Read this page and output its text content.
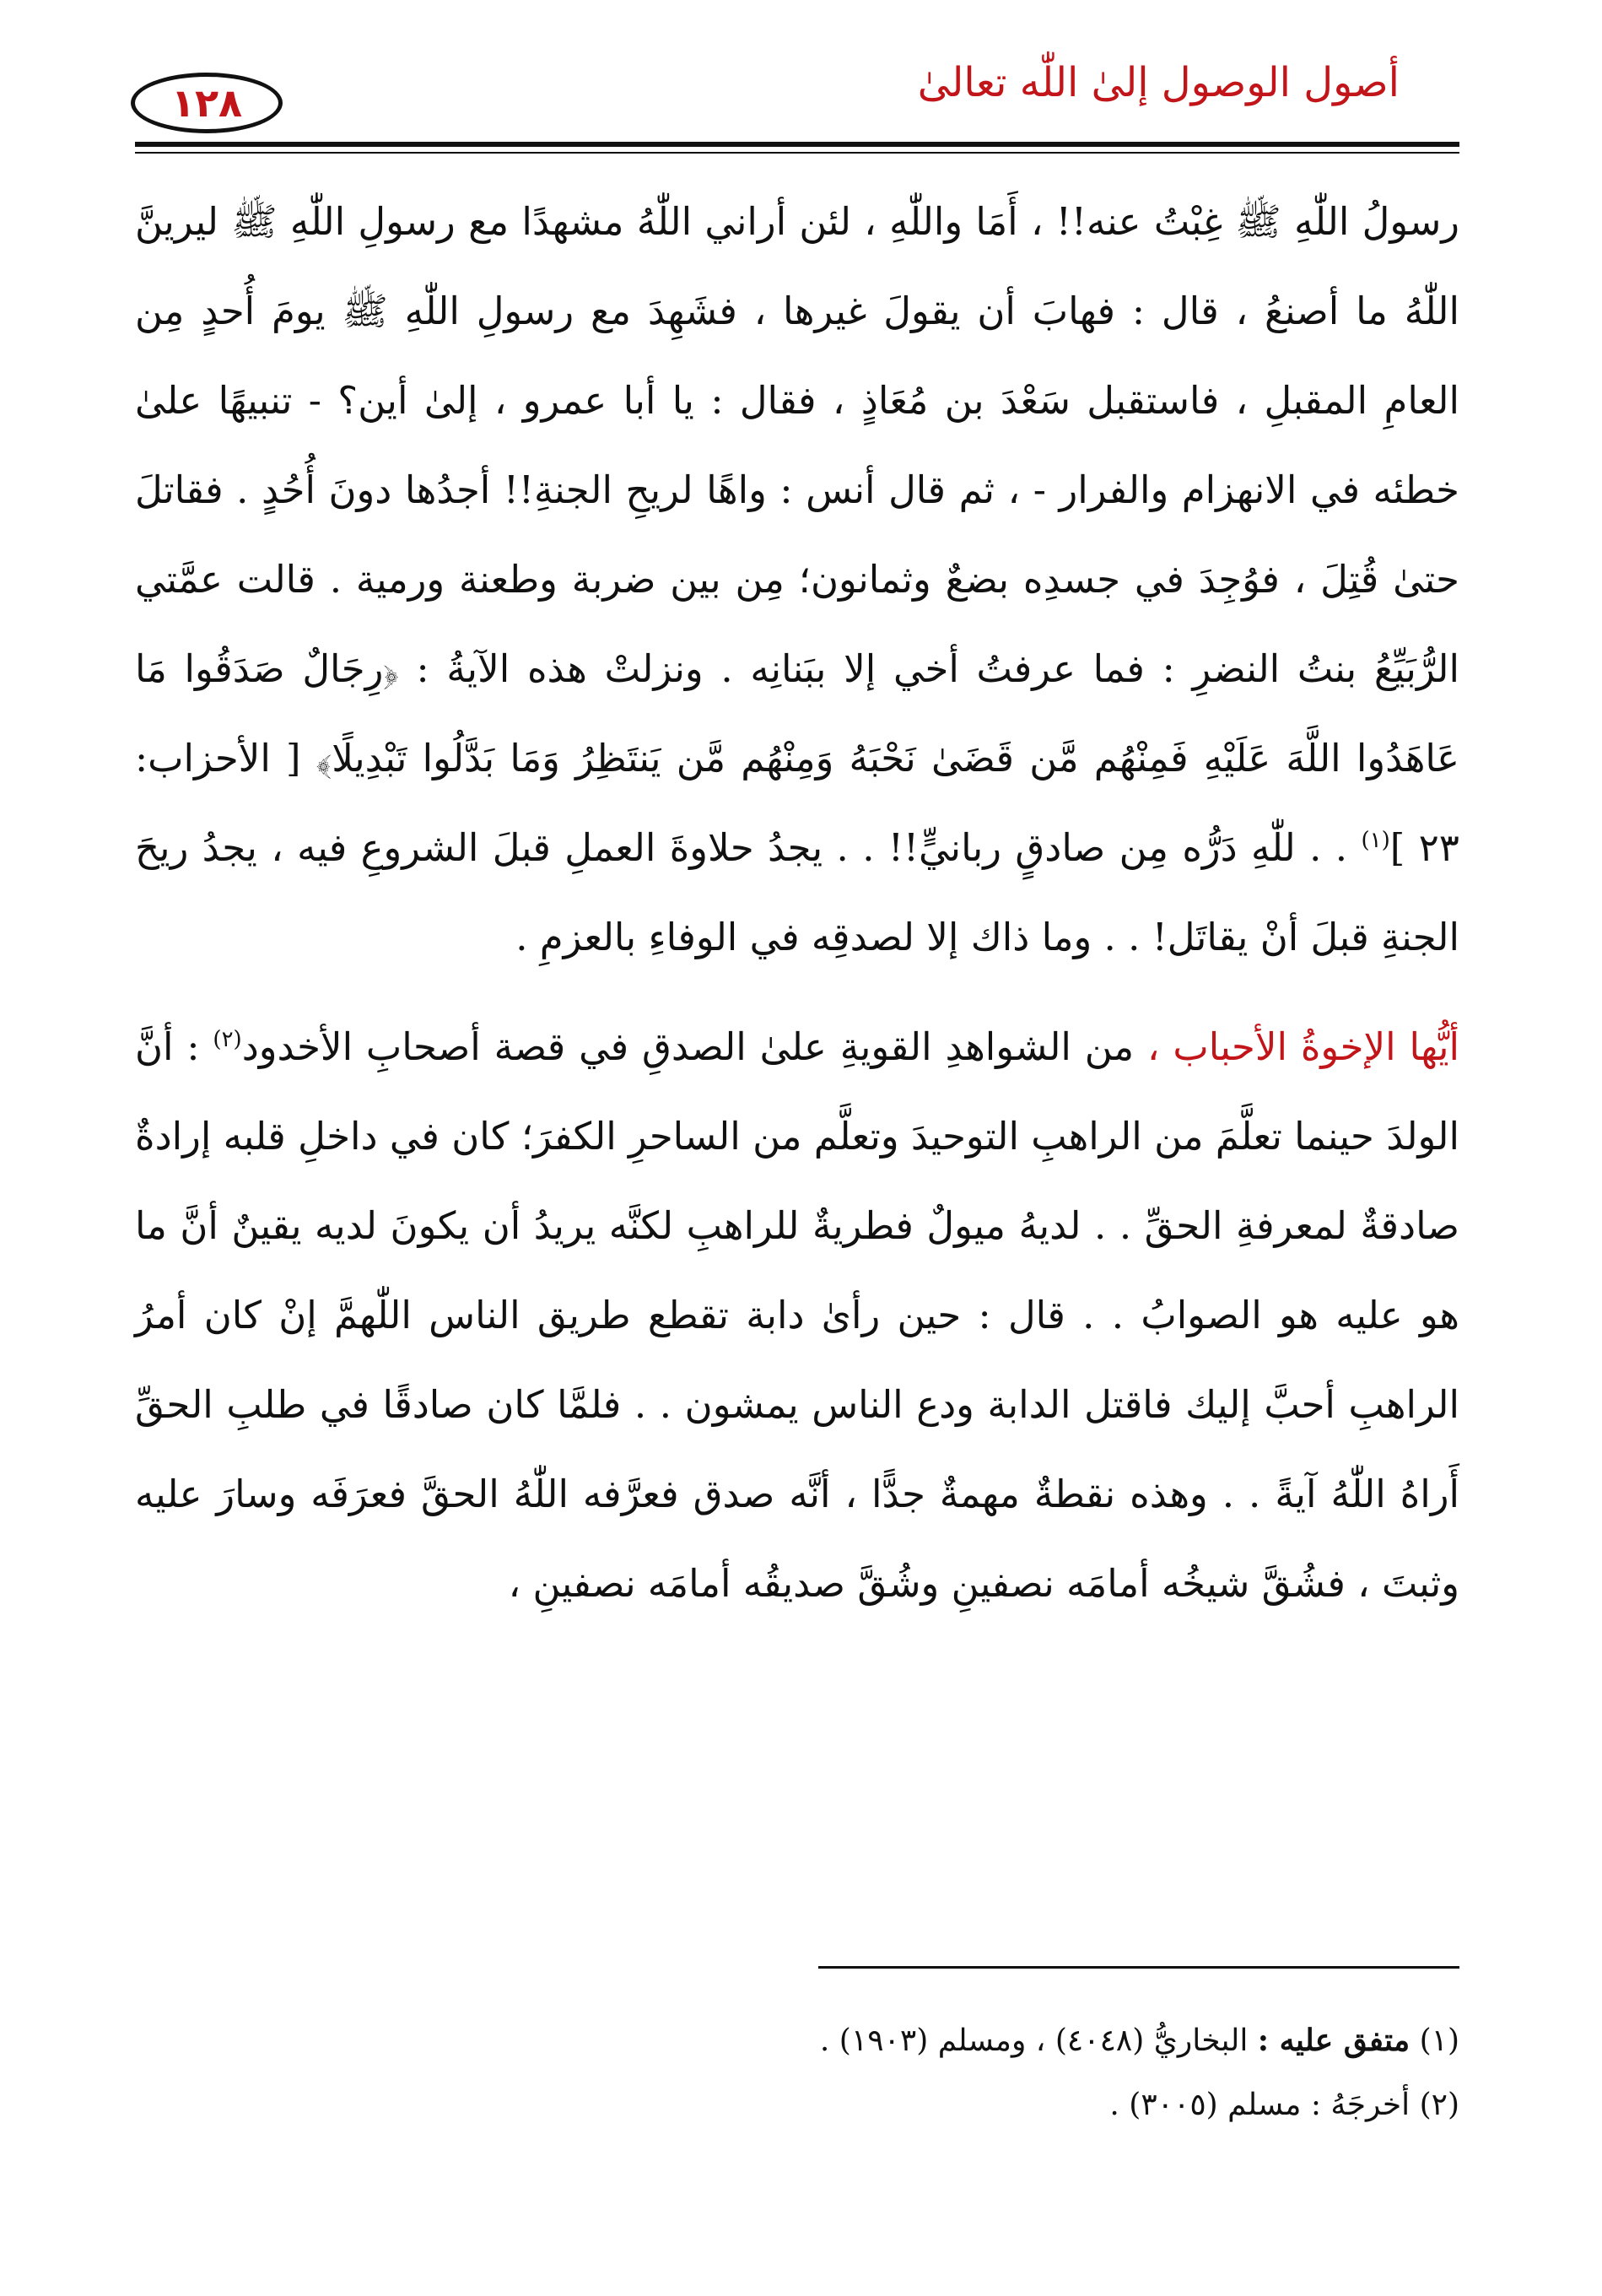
١٢٨	أصول الوصول إلىٰ اللّٰه تعالىٰ

رسولُ اللّٰهِ ﷺ غِبْتُ عنه!! ، أَمَا واللّٰهِ ، لئن أراني اللّٰهُ مشهدًا مع رسولِ اللّٰهِ ﷺ ليرينَّ اللّٰهُ ما أصنعُ ، قال : فهابَ أن يقولَ غيرها ، فشَهِدَ مع رسولِ اللّٰهِ ﷺ يومَ أُحدٍ مِن العامِ المقبلِ ، فاستقبل سَعْدَ بن مُعَاذٍ ، فقال : يا أبا عمرو ، إلىٰ أين؟ - تنبيهًا علىٰ خطئه في الانهزام والفرار - ، ثم قال أنس : واهًا لريحِ الجنةِ!! أجدُها دونَ أُحُدٍ . فقاتلَ حتىٰ قُتِلَ ، فوُجِدَ في جسدِه بضعٌ وثمانون؛ مِن بين ضربة وطعنة ورمية . قالت عمَّتي الرُّبَيِّعُ بنتُ النضرِ : فما عرفتُ أخي إلا ببَنانِه . ونزلتْ هذه الآيةُ : ﴿رِجَالٌ صَدَقُوا مَا عَاهَدُوا اللَّهَ عَلَيْهِ فَمِنْهُم مَّن قَضَىٰ نَحْبَهُ وَمِنْهُم مَّن يَنتَظِرُ وَمَا بَدَّلُوا تَبْدِيلًا﴾ [ الأحزاب: ٢٣ ]$^{(١)}$ . . للّٰهِ دَرُّه مِن صادقٍ ربانيٍّ!! . . يجدُ حلاوةَ العملِ قبلَ الشروعِ فيه ، يجدُ ريحَ الجنةِ قبلَ أنْ يقاتَل! . . وما ذاك إلا لصدقِه في الوفاءِ بالعزمِ .

أيُّها الإخوةُ الأحباب ، من الشواهدِ القويةِ علىٰ الصدقِ في قصة أصحابِ الأخدود$^{(٢)}$ : أنَّ الولدَ حينما تعلَّمَ من الراهبِ التوحيدَ وتعلَّم من الساحرِ الكفرَ؛ كان في داخلِ قلبه إرادةٌ صادقةٌ لمعرفةِ الحقِّ . . لديهُ ميولٌ فطريةٌ للراهبِ لكنَّه يريدُ أن يكونَ لديه يقينٌ أنَّ ما هو عليه هو الصوابُ . . قال : حين رأىٰ دابة تقطع طريق الناس اللّٰهمَّ إنْ كان أمرُ الراهبِ أحبَّ إليك فاقتل الدابة ودع الناس يمشون . . فلمَّا كان صادقًا في طلبِ الحقِّ أَراهُ اللّٰهُ آيةً . . وهذه نقطةٌ مهمةٌ جدًّا ، أنَّه صدق فعرَّفه اللّٰهُ الحقَّ فعرَفَه وسارَ عليه وثبتَ ، فشُقَّ شيخُه أمامَه نصفينِ وشُقَّ صديقُه أمامَه نصفينِ ،

(١) متفق عليه : البخاريُّ (٤٠٤٨) ، ومسلم (١٩٠٣) .

(٢) أخرجَهُ : مسلم (٣٠٠٥) .
